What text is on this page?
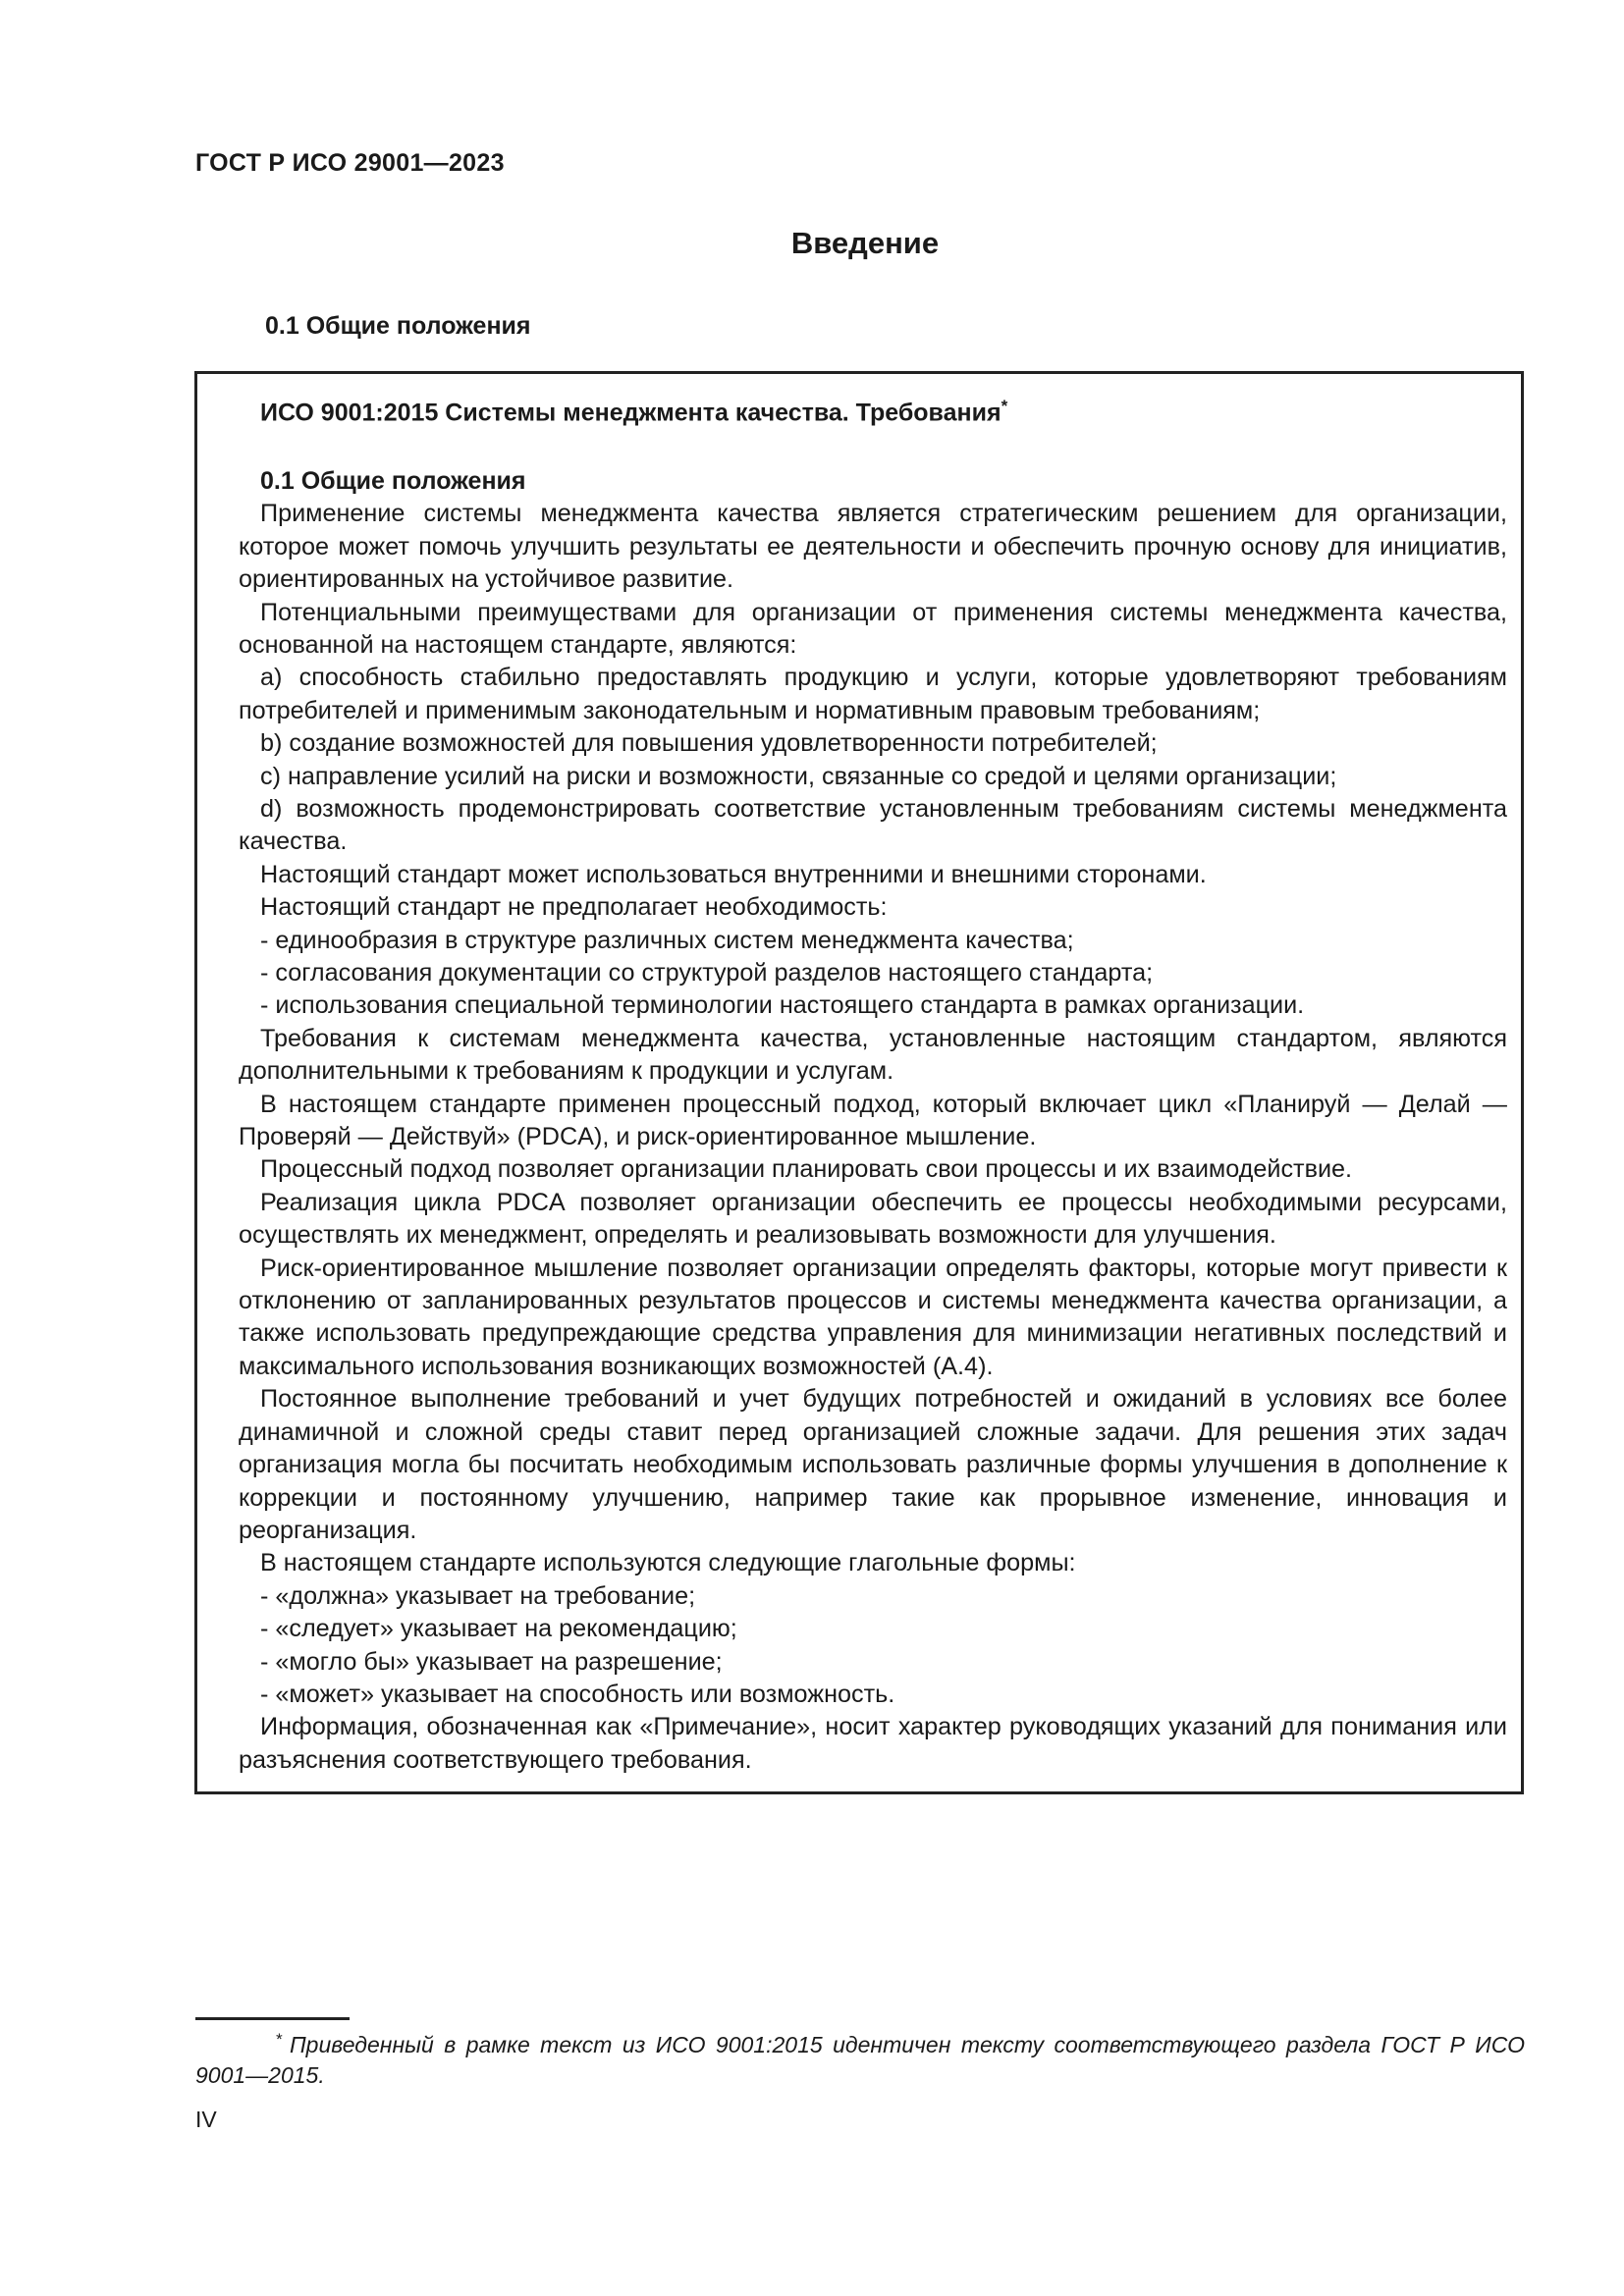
ГОСТ Р ИСО 29001—2023
Введение
0.1 Общие положения
ИСО 9001:2015 Системы менеджмента качества. Требования*
0.1 Общие положения

Применение системы менеджмента качества является стратегическим решением для организации, которое может помочь улучшить результаты ее деятельности и обеспечить прочную основу для инициатив, ориентированных на устойчивое развитие.

Потенциальными преимуществами для организации от применения системы менеджмента качества, основанной на настоящем стандарте, являются:

a) способность стабильно предоставлять продукцию и услуги, которые удовлетворяют требованиям потребителей и применимым законодательным и нормативным правовым требованиям;

b) создание возможностей для повышения удовлетворенности потребителей;

c) направление усилий на риски и возможности, связанные со средой и целями организации;

d) возможность продемонстрировать соответствие установленным требованиям системы менеджмента качества.

Настоящий стандарт может использоваться внутренними и внешними сторонами.

Настоящий стандарт не предполагает необходимость:

- единообразия в структуре различных систем менеджмента качества;

- согласования документации со структурой разделов настоящего стандарта;

- использования специальной терминологии настоящего стандарта в рамках организации.

Требования к системам менеджмента качества, установленные настоящим стандартом, являются дополнительными к требованиям к продукции и услугам.

В настоящем стандарте применен процессный подход, который включает цикл «Планируй — Делай — Проверяй — Действуй» (PDCA), и риск-ориентированное мышление.

Процессный подход позволяет организации планировать свои процессы и их взаимодействие.

Реализация цикла PDCA позволяет организации обеспечить ее процессы необходимыми ресурсами, осуществлять их менеджмент, определять и реализовывать возможности для улучшения.

Риск-ориентированное мышление позволяет организации определять факторы, которые могут привести к отклонению от запланированных результатов процессов и системы менеджмента качества организации, а также использовать предупреждающие средства управления для минимизации негативных последствий и максимального использования возникающих возможностей (А.4).

Постоянное выполнение требований и учет будущих потребностей и ожиданий в условиях все более динамичной и сложной среды ставит перед организацией сложные задачи. Для решения этих задач организация могла бы посчитать необходимым использовать различные формы улучшения в дополнение к коррекции и постоянному улучшению, например такие как прорывное изменение, инновация и реорганизация.

В настоящем стандарте используются следующие глагольные формы:

- «должна» указывает на требование;

- «следует» указывает на рекомендацию;

- «могло бы» указывает на разрешение;

- «может» указывает на способность или возможность.

Информация, обозначенная как «Примечание», носит характер руководящих указаний для понимания или разъяснения соответствующего требования.

* Приведенный в рамке текст из ИСО 9001:2015 идентичен тексту соответствующего раздела ГОСТ Р ИСО 9001—2015.
IV
